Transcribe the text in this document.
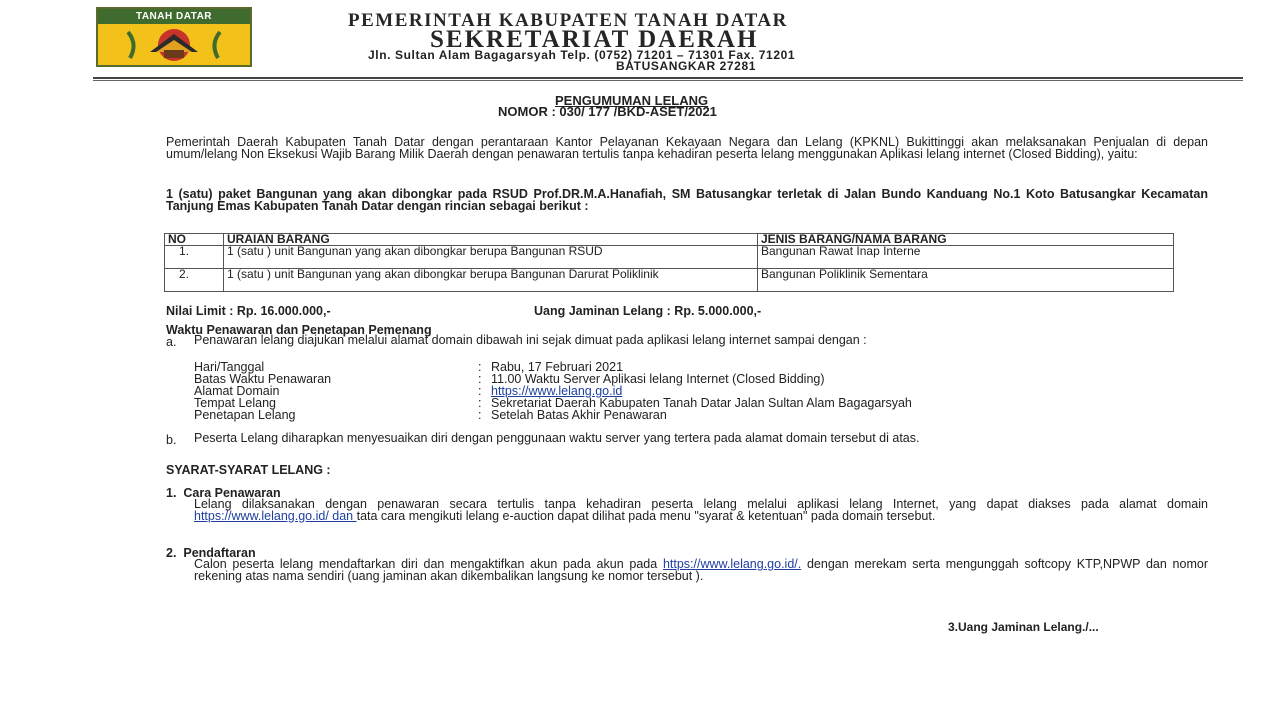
TANAH DATAR	PEMERINTAH KABUPATEN TANAH DATAR
SEKRETARIAT DAERAH
Jln. Sultan Alam Bagagarsyah Telp. (0752) 71201 – 71301 Fax. 71201
BATUSANGKAR 27281
PENGUMUMAN LELANG
NOMOR : 030/ 177 /BKD-ASET/2021
Pemerintah Daerah Kabupaten Tanah Datar dengan perantaraan Kantor Pelayanan Kekayaan Negara dan Lelang (KPKNL) Bukittinggi akan melaksanakan Penjualan di depan umum/lelang Non Eksekusi Wajib Barang Milik Daerah dengan penawaran tertulis tanpa kehadiran peserta lelang menggunakan Aplikasi lelang internet (Closed Bidding), yaitu:
1 (satu) paket Bangunan yang akan dibongkar pada RSUD Prof.DR.M.A.Hanafiah, SM Batusangkar terletak di Jalan Bundo Kanduang No.1 Koto Batusangkar Kecamatan Tanjung Emas Kabupaten Tanah Datar dengan rincian sebagai berikut :
NO	URAIAN BARANG	JENIS BARANG/NAMA BARANG
1.	1 (satu ) unit Bangunan yang akan dibongkar berupa Bangunan RSUD	Bangunan Rawat Inap Interne
2.	1 (satu ) unit Bangunan yang akan dibongkar berupa Bangunan Darurat Poliklinik	Bangunan Poliklinik Sementara
Nilai Limit : Rp. 16.000.000,-	Uang Jaminan Lelang : Rp. 5.000.000,-
Waktu Penawaran dan Penetapan Pemenang
a. Penawaran lelang diajukan melalui alamat domain dibawah ini sejak dimuat pada aplikasi lelang internet sampai dengan :
Hari/Tanggal	: Rabu, 17 Februari 2021
Batas Waktu Penawaran	: 11.00 Waktu Server Aplikasi lelang Internet (Closed Bidding)
Alamat Domain	: https://www.lelang.go.id
Tempat Lelang	: Sekretariat Daerah Kabupaten Tanah Datar Jalan Sultan Alam Bagagarsyah
Penetapan Lelang	: Setelah Batas Akhir Penawaran
b. Peserta Lelang diharapkan menyesuaikan diri dengan penggunaan waktu server yang tertera pada alamat domain tersebut di atas.
SYARAT-SYARAT LELANG :
1.  Cara Penawaran
Lelang dilaksanakan dengan penawaran secara tertulis tanpa kehadiran peserta lelang melalui aplikasi lelang Internet, yang dapat diakses pada alamat domain https://www.lelang.go.id/ dan tata cara mengikuti lelang e-auction dapat dilihat pada menu "syarat & ketentuan" pada domain tersebut.
2.  Pendaftaran
Calon peserta lelang mendaftarkan diri dan mengaktifkan akun pada akun pada https://www.lelang.go.id/. dengan merekam serta mengunggah softcopy KTP,NPWP dan nomor rekening atas nama sendiri (uang jaminan akan dikembalikan langsung ke nomor tersebut ).
3.Uang Jaminan Lelang./...
